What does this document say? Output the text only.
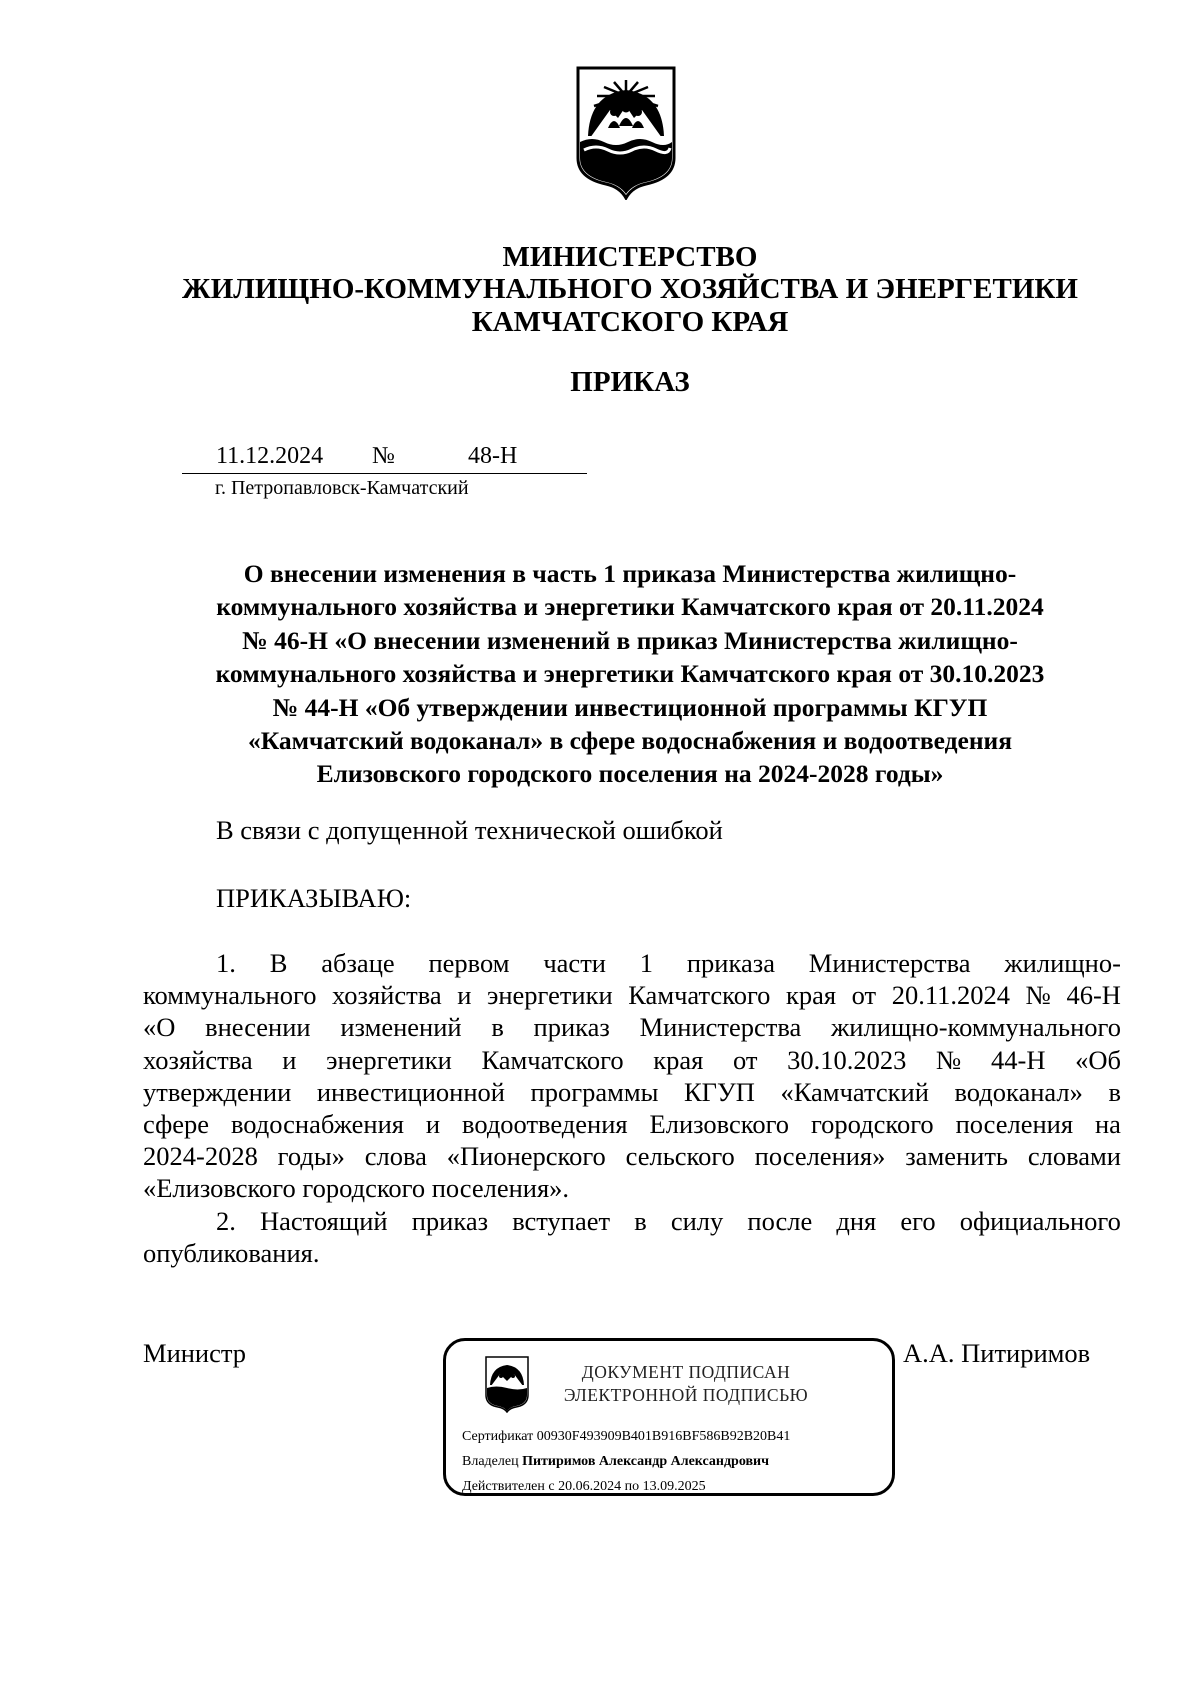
МИНИСТЕРСТВО
ЖИЛИЩНО-КОММУНАЛЬНОГО ХОЗЯЙСТВА И ЭНЕРГЕТИКИ
КАМЧАТСКОГО КРАЯ
ПРИКАЗ
11.12.2024 №	48-Н
г. Петропавловск-Камчатский
О внесении изменения в часть 1 приказа Министерства жилищно-
коммунального хозяйства и энергетики Камчатского края от 20.11.2024
№ 46-Н «О внесении изменений в приказ Министерства жилищно-
коммунального хозяйства и энергетики Камчатского края от 30.10.2023
№ 44-Н «Об утверждении инвестиционной программы КГУП
«Камчатский водоканал» в сфере водоснабжения и водоотведения
Елизовского городского поселения на 2024-2028 годы»
В связи с допущенной технической ошибкой
ПРИКАЗЫВАЮ:
1. В абзаце первом части 1 приказа Министерства жилищно-
коммунального хозяйства и энергетики Камчатского края от 20.11.2024 № 46-Н
«О внесении изменений в приказ Министерства жилищно-коммунального
хозяйства и энергетики Камчатского края от 30.10.2023 № 44-Н «Об
утверждении инвестиционной программы КГУП «Камчатский водоканал» в
сфере водоснабжения и водоотведения Елизовского городского поселения на
2024-2028 годы» слова «Пионерского сельского поселения» заменить словами
«Елизовского городского поселения».
2. Настоящий приказ вступает в силу после дня его официального
опубликования.
Министр	А.А. Питиримов
ДОКУМЕНТ ПОДПИСАН
ЭЛЕКТРОННОЙ ПОДПИСЬЮ
Сертификат 00930F493909B401B916BF586B92B20B41
Владелец Питиримов Александр Александрович
Действителен с 20.06.2024 по 13.09.2025
